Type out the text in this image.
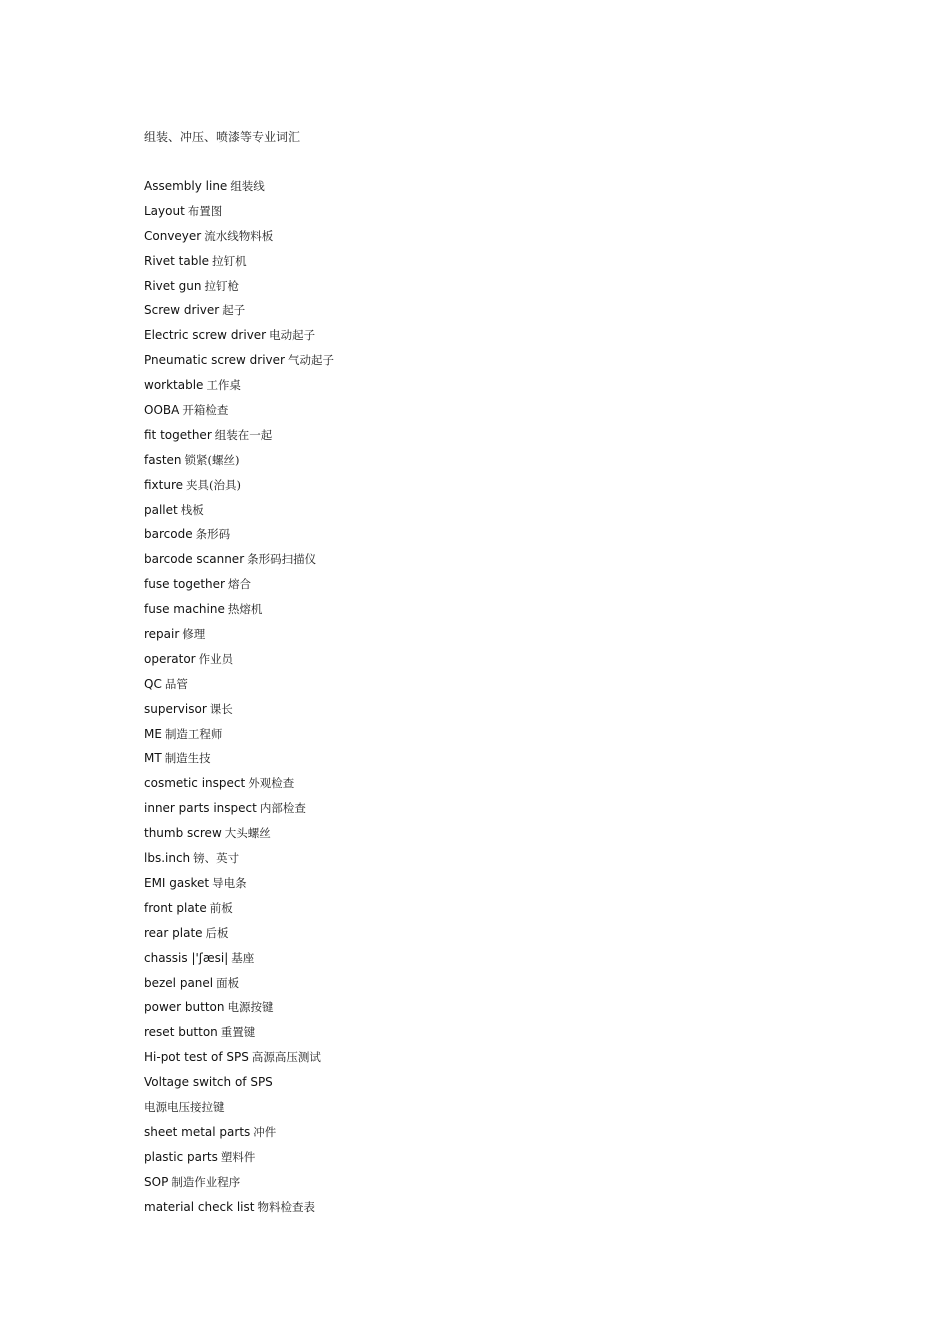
组装、冲压、喷漆等专业词汇
Assembly line 组装线
Layout 布置图
Conveyer 流水线物料板
Rivet table 拉钉机
Rivet gun 拉钉枪
Screw driver 起子
Electric screw driver 电动起子
Pneumatic screw driver 气动起子
worktable 工作桌
OOBA 开箱检查
fit together 组装在一起
fasten 锁紧(螺丝)
fixture 夹具(治具)
pallet 栈板
barcode 条形码
barcode scanner 条形码扫描仪
fuse together 熔合
fuse machine 热熔机
repair 修理
operator 作业员
QC 品管
supervisor 课长
ME 制造工程师
MT 制造生技
cosmetic inspect 外观检查
inner parts inspect 内部检查
thumb screw 大头螺丝
lbs.inch 镑、英寸
EMI gasket 导电条
front plate 前板
rear plate 后板
chassis |'ʃæsi| 基座
bezel panel 面板
power button 电源按键
reset button 重置键
Hi-pot test of SPS 高源高压测试
Voltage switch of SPS
电源电压接拉键
sheet metal parts 冲件
plastic parts 塑料件
SOP 制造作业程序
material check list 物料检查表
